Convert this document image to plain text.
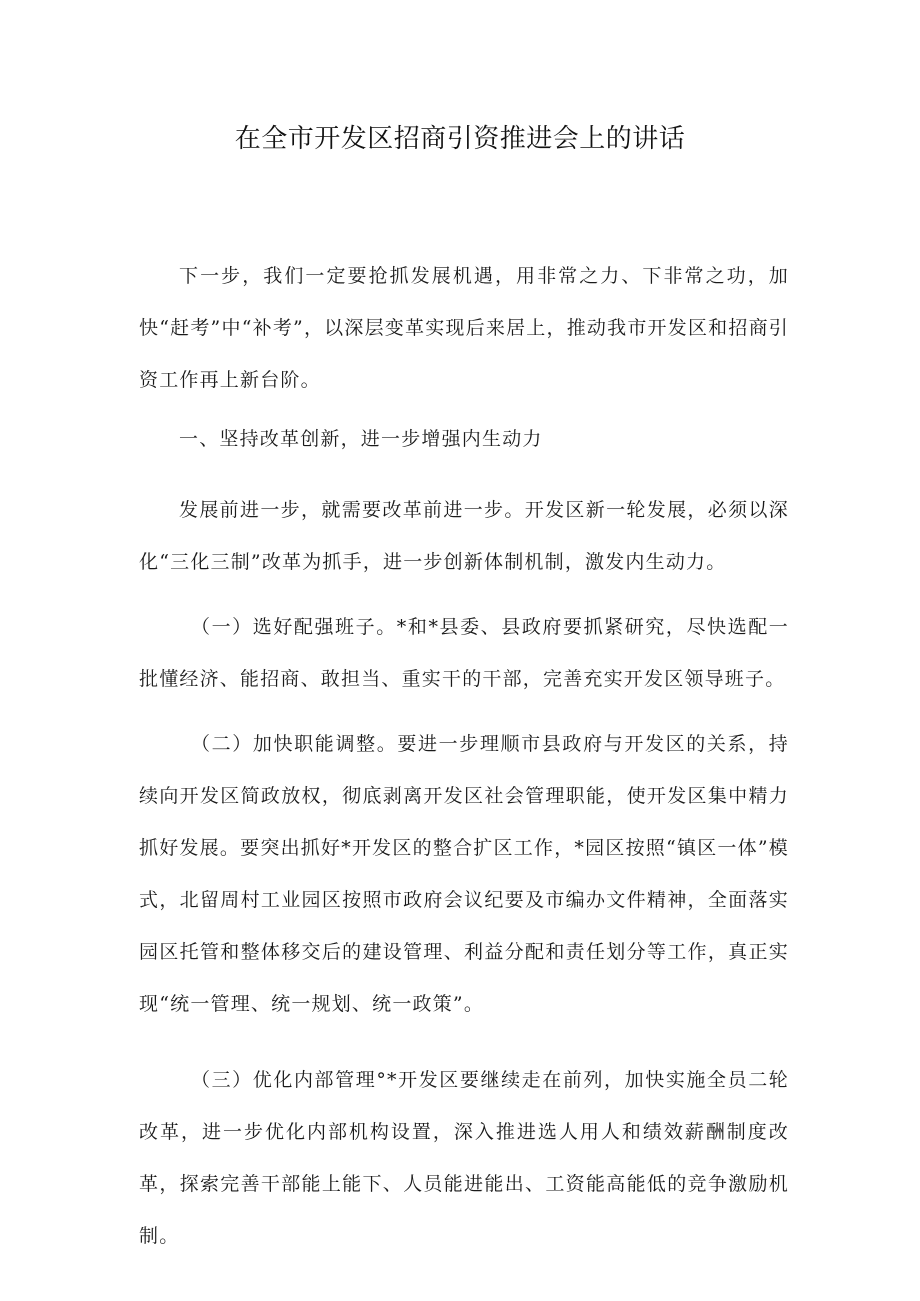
在全市开发区招商引资推进会上的讲话

下一步，我们一定要抢抓发展机遇，用非常之力、下非常之功，加快“赶考”中“补考”，以深层变革实现后来居上，推动我市开发区和招商引资工作再上新台阶。

一、坚持改革创新，进一步增强内生动力

发展前进一步，就需要改革前进一步。开发区新一轮发展，必须以深化“三化三制”改革为抓手，进一步创新体制机制，激发内生动力。

（一）选好配强班子。*和*县委、县政府要抓紧研究，尽快选配一批懂经济、能招商、敢担当、重实干的干部，完善充实开发区领导班子。

（二）加快职能调整。要进一步理顺市县政府与开发区的关系，持续向开发区简政放权，彻底剥离开发区社会管理职能，使开发区集中精力抓好发展。要突出抓好*开发区的整合扩区工作，*园区按照“镇区一体”模式，北留周村工业园区按照市政府会议纪要及市编办文件精神，全面落实园区托管和整体移交后的建设管理、利益分配和责任划分等工作，真正实现“统一管理、统一规划、统一政策”。

（三）优化内部管理°*开发区要继续走在前列，加快实施全员二轮改革，进一步优化内部机构设置，深入推进选人用人和绩效薪酬制度改革，探索完善干部能上能下、人员能进能出、工资能高能低的竞争激励机制。
